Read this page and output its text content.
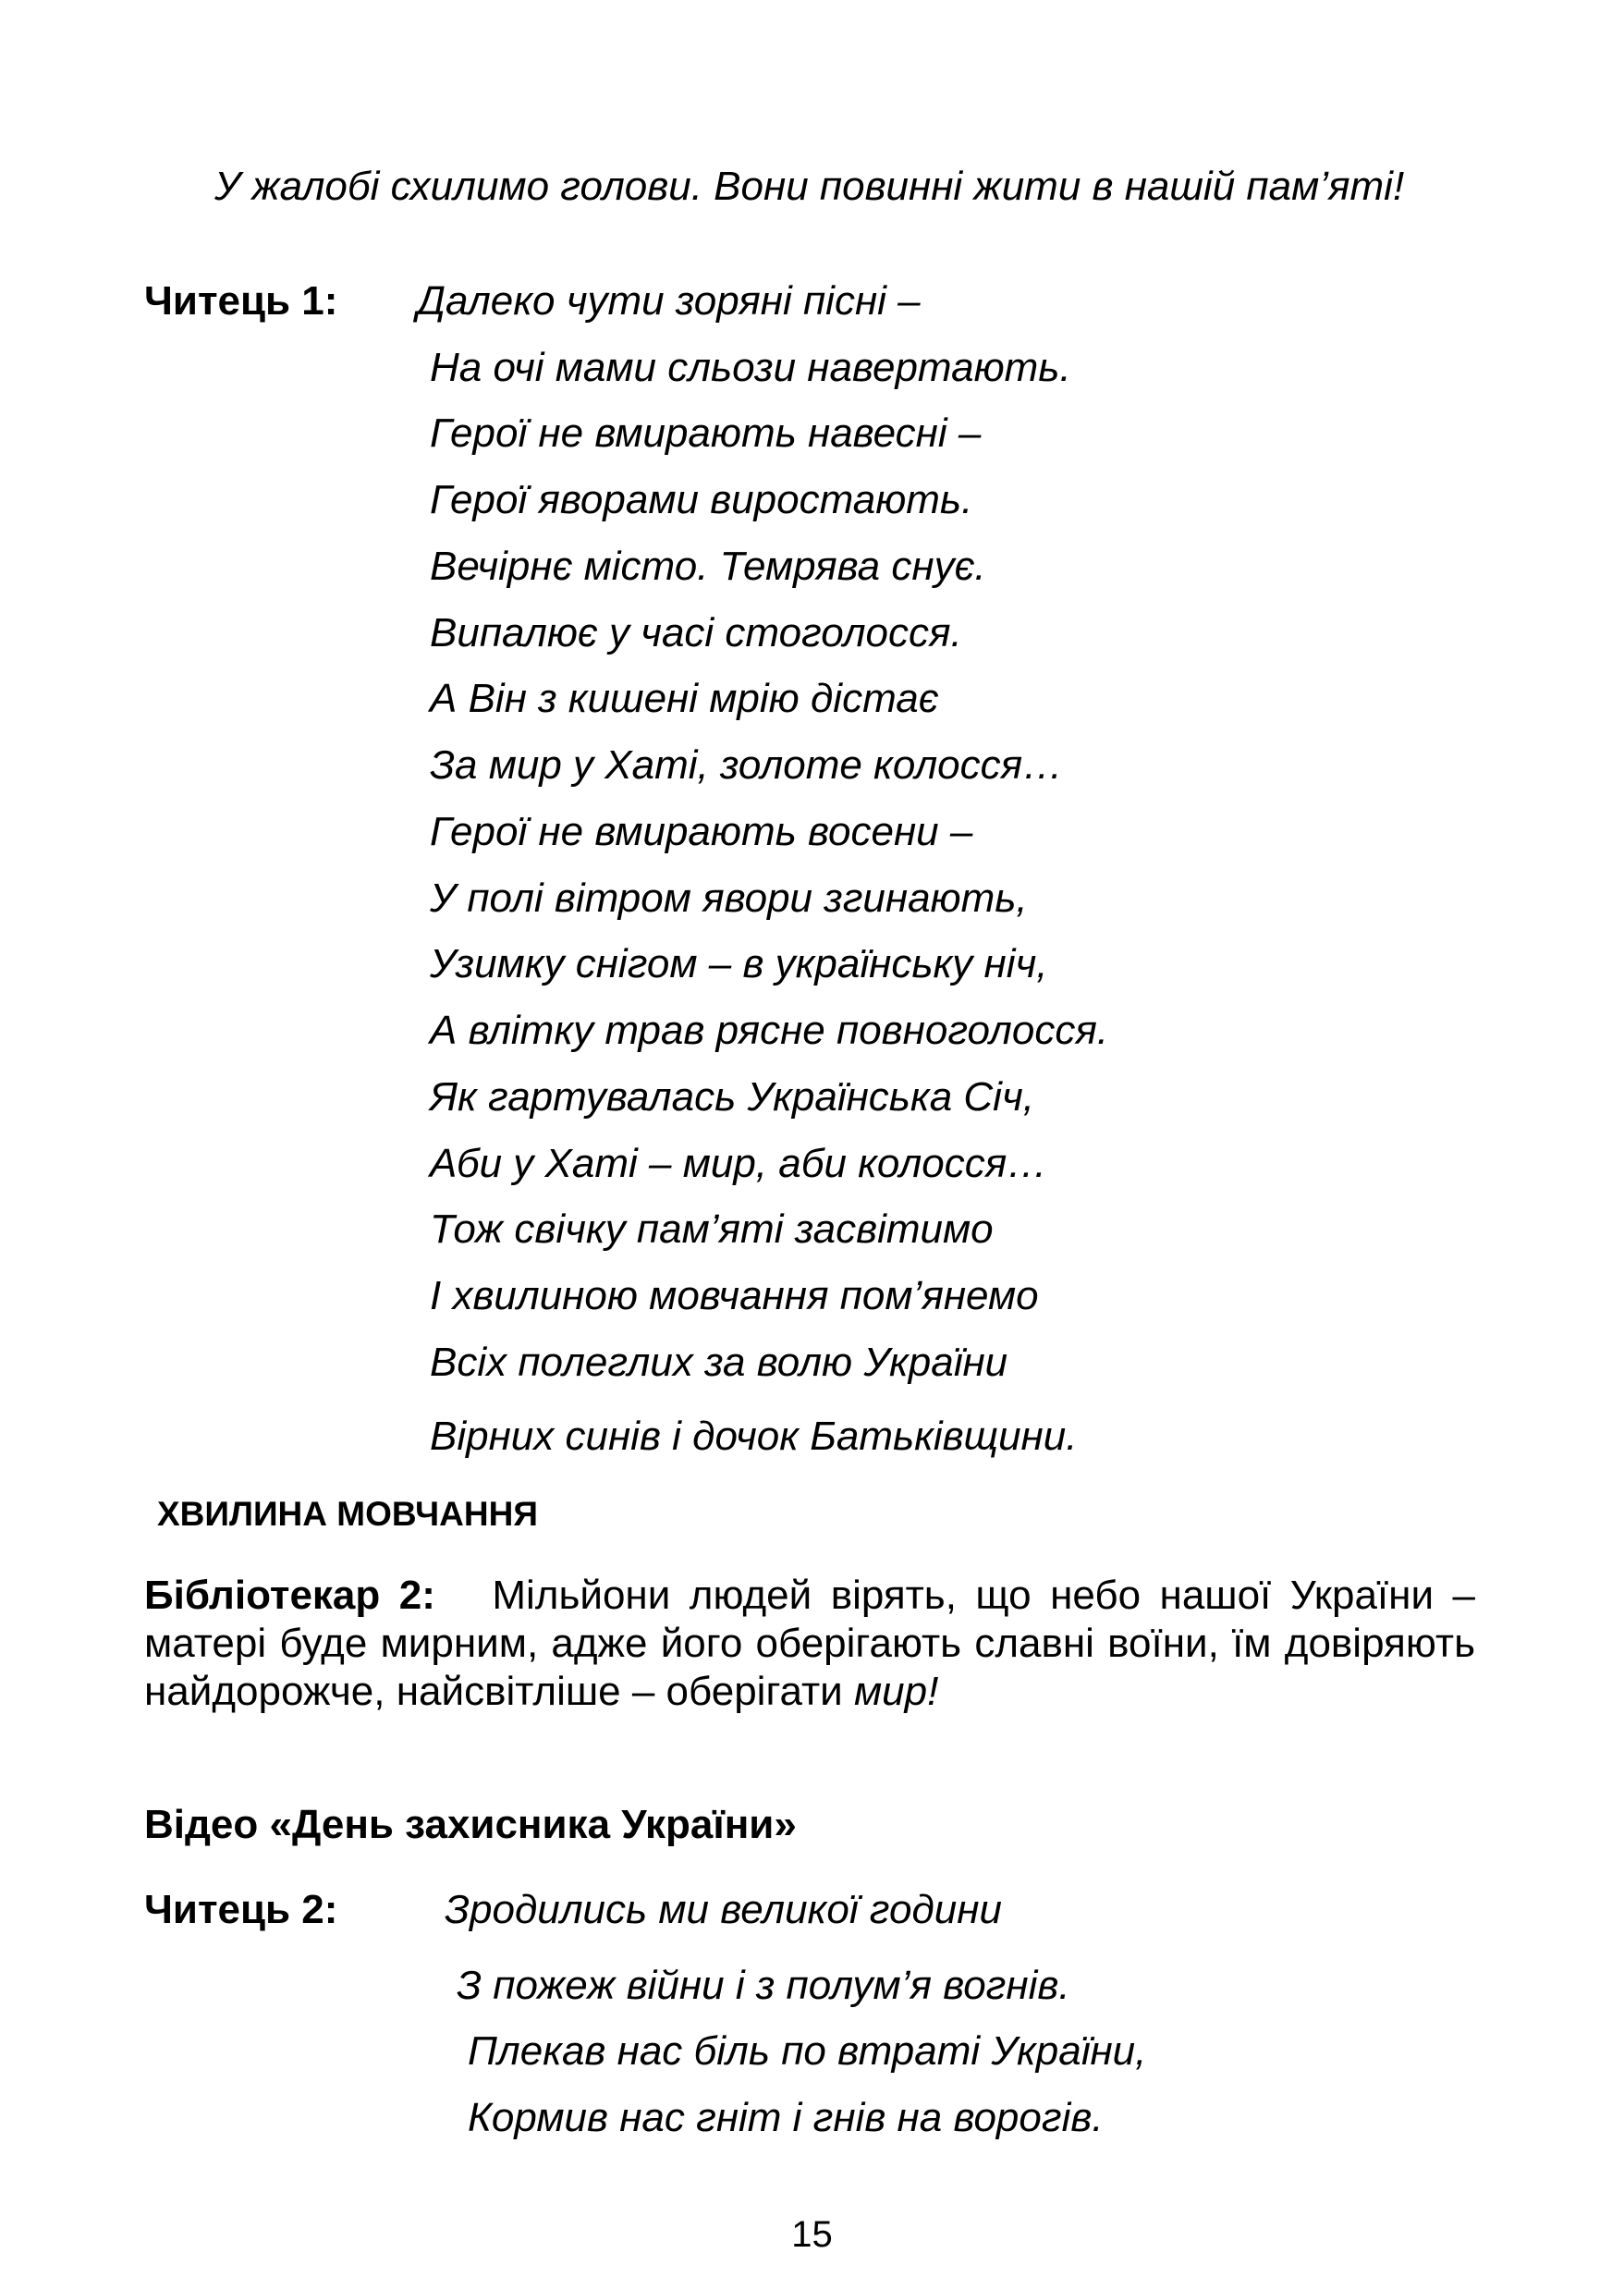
У жалобі схилимо голови. Вони повинні жити в нашій пам’яті!
Читець 1: Далеко чути зоряні пісні –
На очі мами сльози навертають.
Герої не вмирають навесні –
Герої яворами виростають.
Вечірнє місто. Темрява снує.
Випалює у часі стоголосся.
А Він з кишені мрію дістає
За мир у Хаті, золоте колосся…
Герої не вмирають восени –
У полі вітром явори згинають,
Узимку снігом – в українську ніч,
А влітку трав рясне повноголосся.
Як гартувалась Українська Січ,
Аби у Хаті – мир, аби колосся…
Тож свічку пам’яті засвітимо
І хвилиною мовчання пом’янемо
Всіх полеглих за волю України
Вірних синів і дочок Батьківщини.
ХВИЛИНА МОВЧАННЯ
Бібліотекар 2: Мільйони людей вірять, що небо нашої України – матері буде мирним, адже його оберігають славні воїни, їм довіряють найдорожче, найсвітліше – оберігати мир!
Відео «День захисника України»
Читець 2:	Зродились ми великої години
З пожеж війни і з полум’я вогнів.
Плекав нас біль по втраті України,
Кормив нас гніт і гнів на ворогів.
15
